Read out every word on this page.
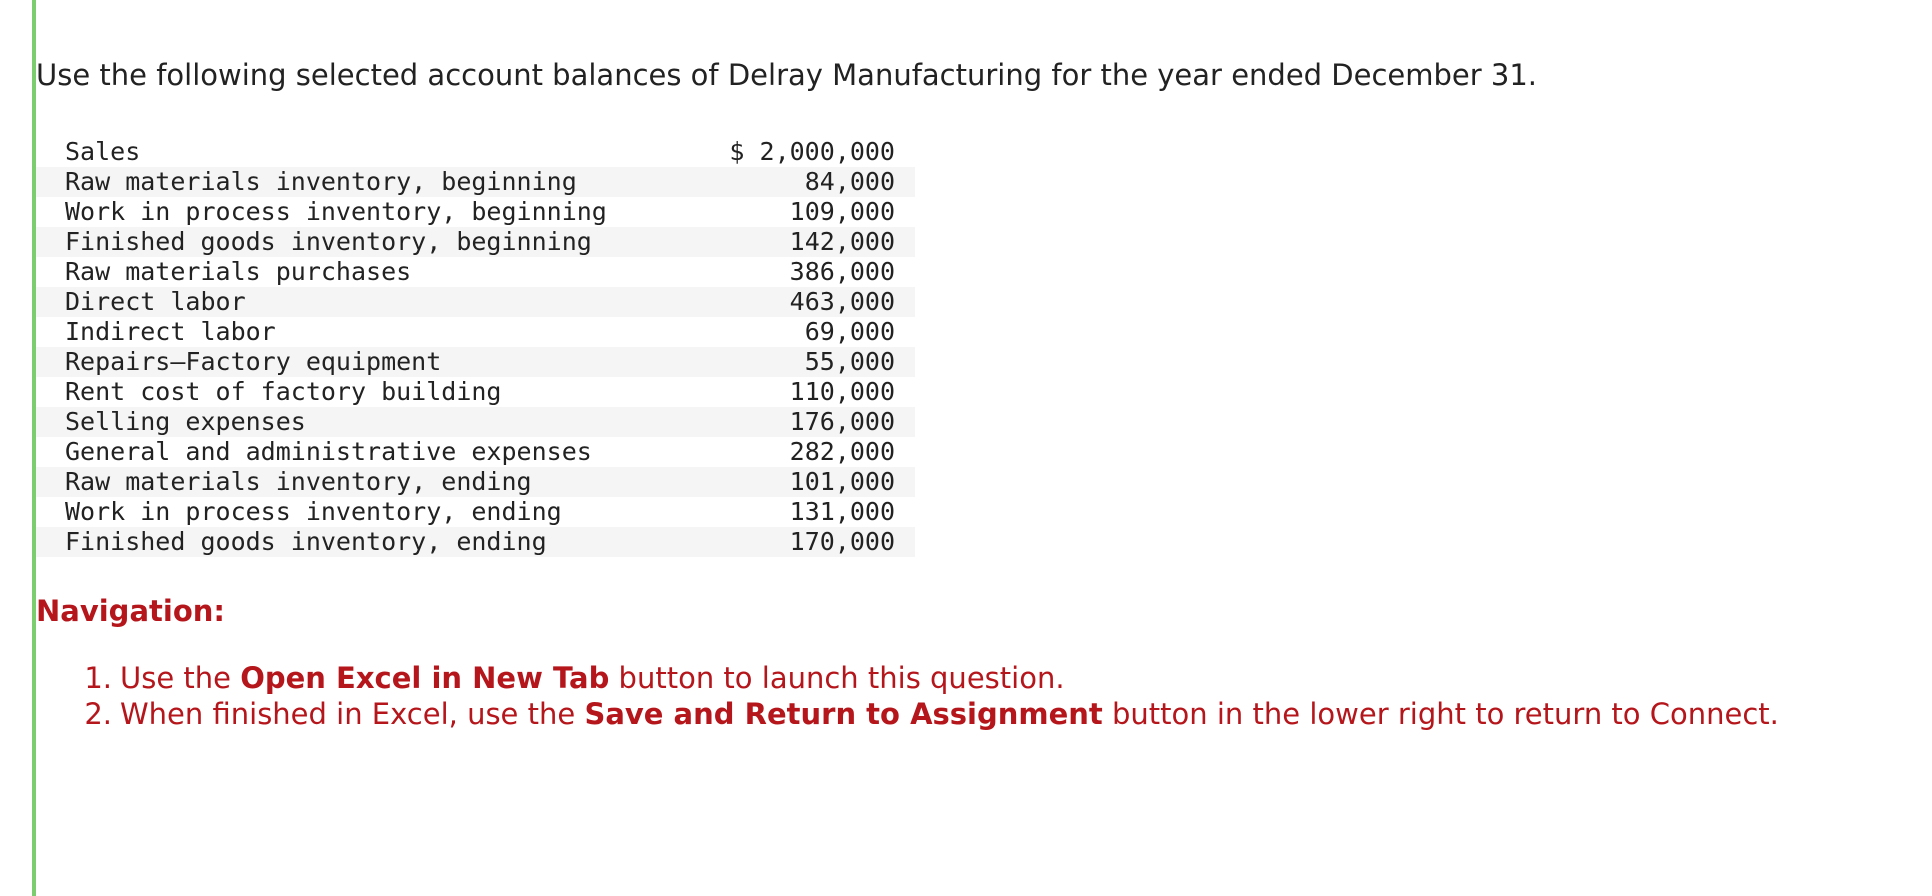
Use the following selected account balances of Delray Manufacturing for the year ended December 31.

Sales	$ 2,000,000
Raw materials inventory, beginning	84,000
Work in process inventory, beginning	109,000
Finished goods inventory, beginning	142,000
Raw materials purchases	386,000
Direct labor	463,000
Indirect labor	69,000
Repairs—Factory equipment	55,000
Rent cost of factory building	110,000
Selling expenses	176,000
General and administrative expenses	282,000
Raw materials inventory, ending	101,000
Work in process inventory, ending	131,000
Finished goods inventory, ending	170,000

Navigation:

1. Use the Open Excel in New Tab button to launch this question.
2. When finished in Excel, use the Save and Return to Assignment button in the lower right to return to Connect.
